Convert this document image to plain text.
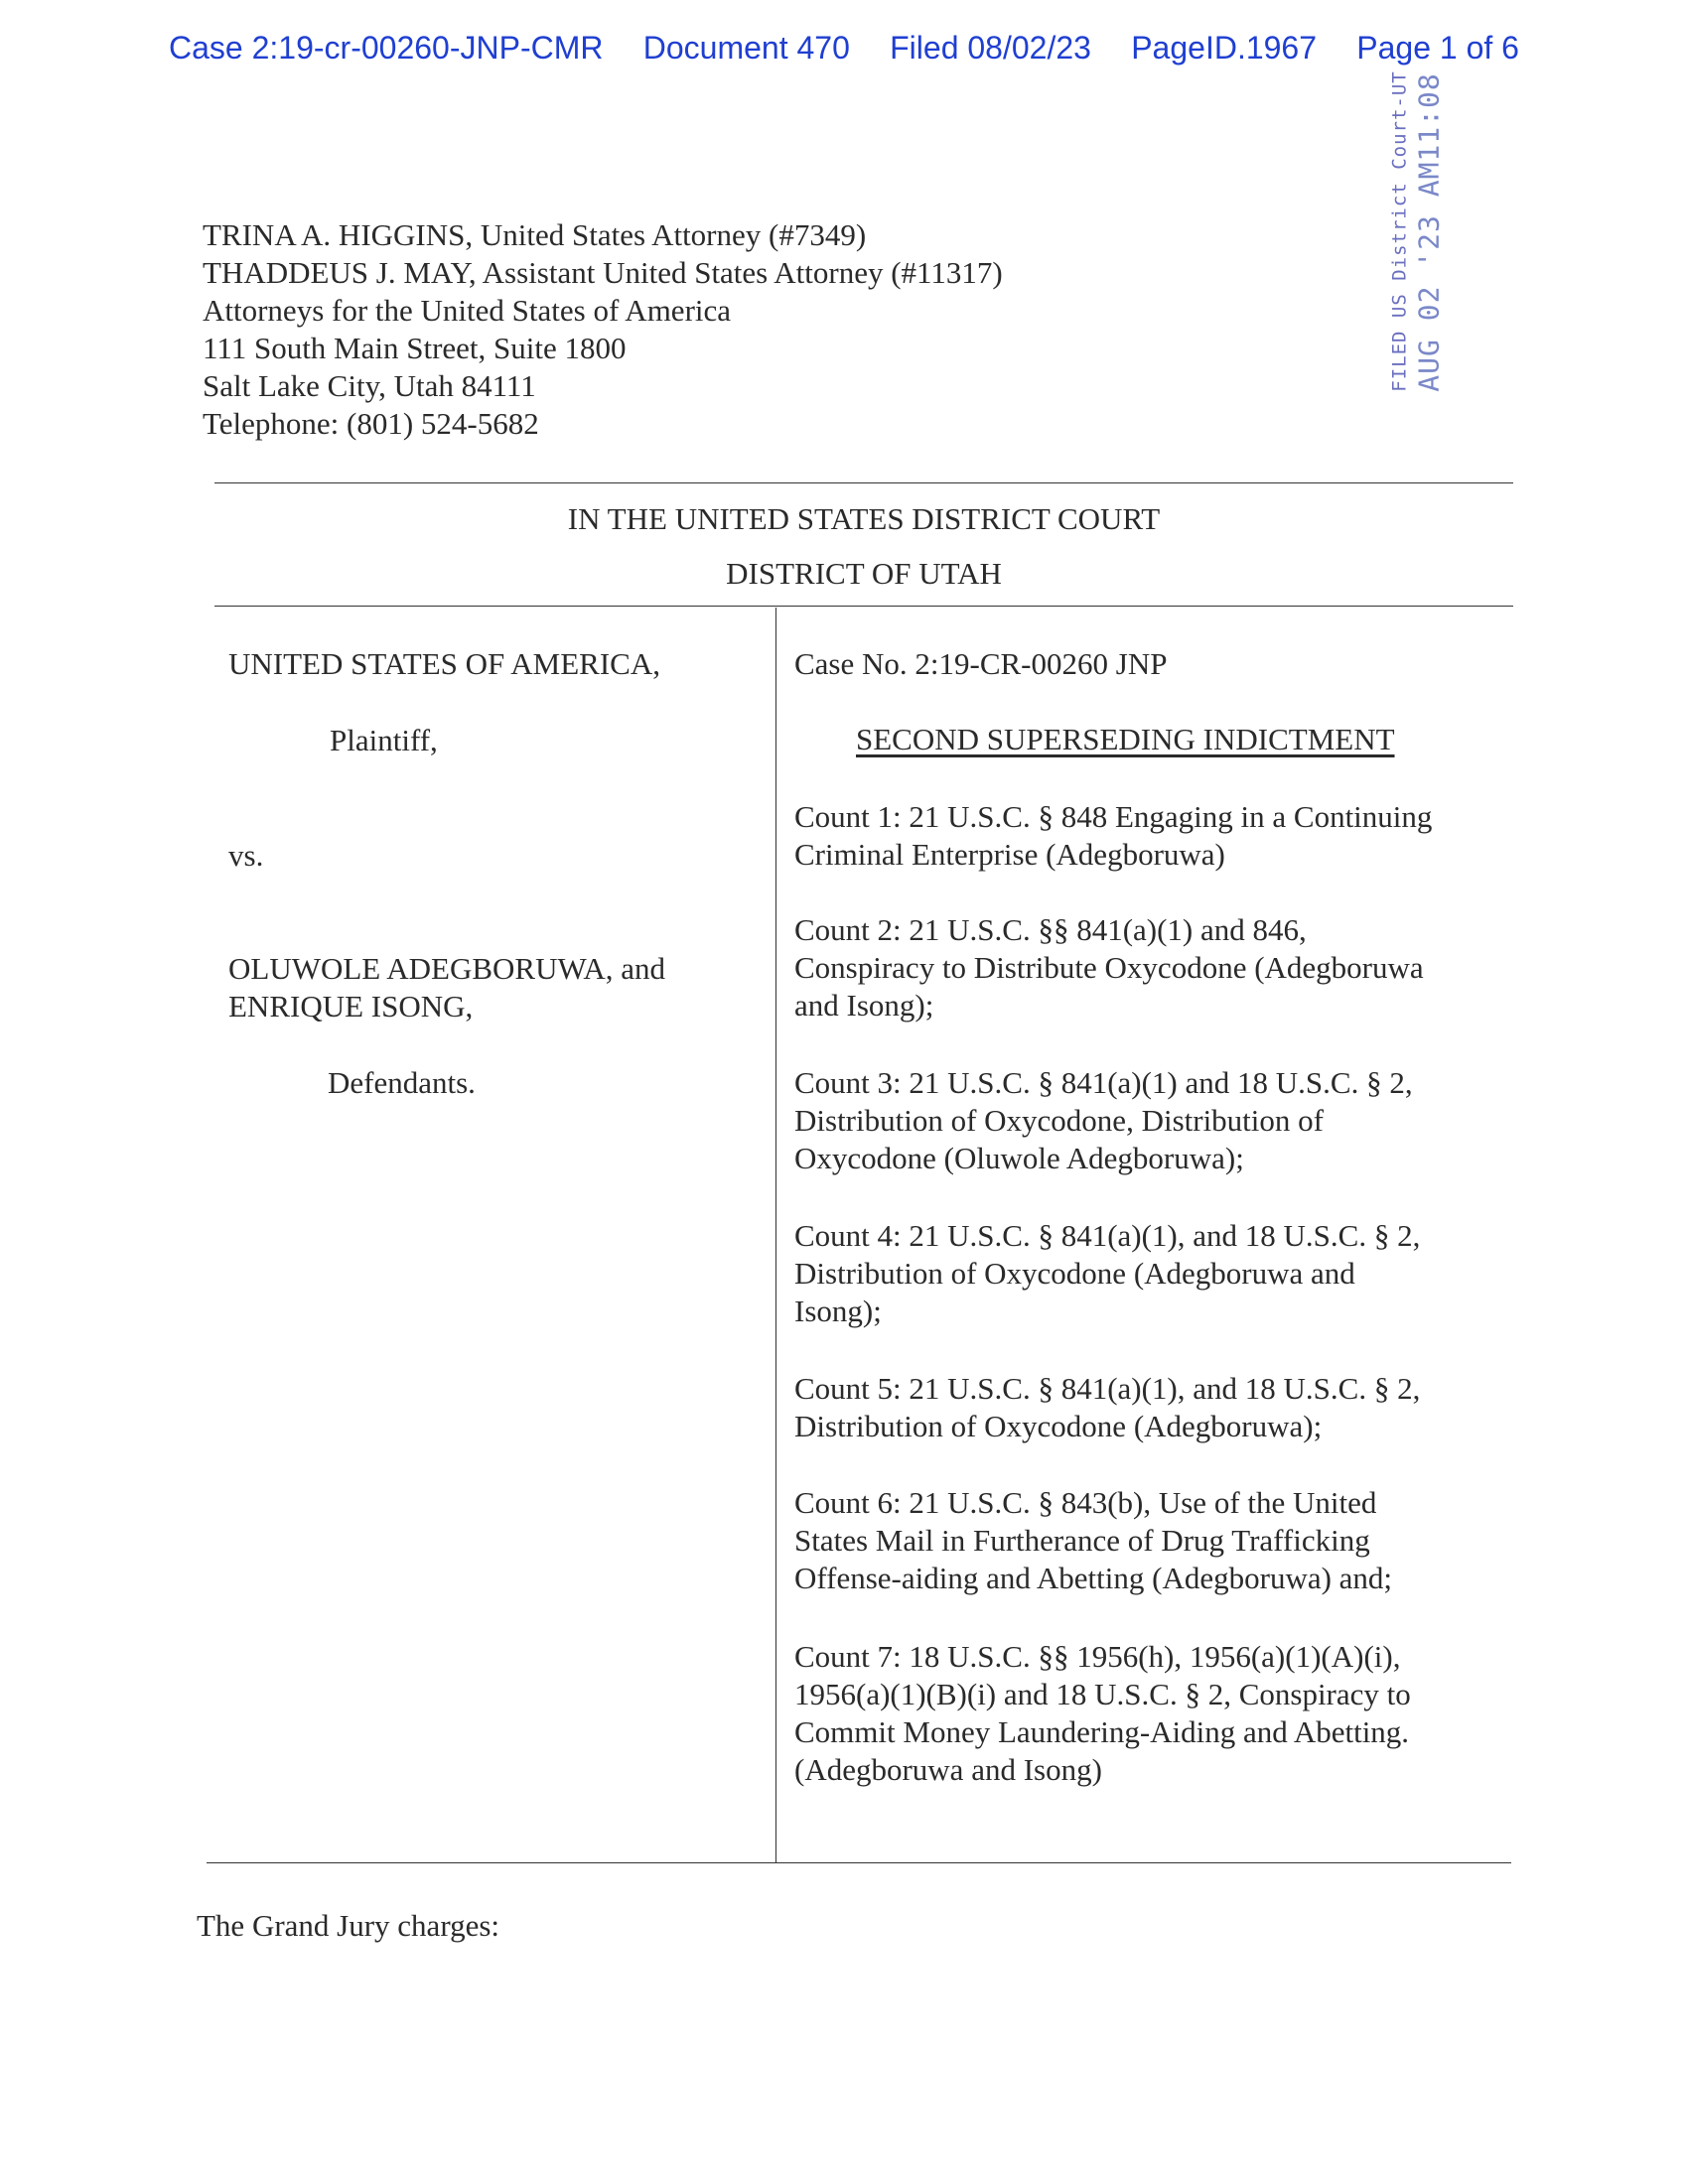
Case 2:19-cr-00260-JNP-CMR Document 470 Filed 08/02/23 PageID.1967 Page 1 of 6
FILED US District Court-UT AUG 02 '23 AM11:08
TRINA A. HIGGINS, United States Attorney (#7349)
THADDEUS J. MAY, Assistant United States Attorney (#11317)
Attorneys for the United States of America
111 South Main Street, Suite 1800
Salt Lake City, Utah 84111
Telephone: (801) 524-5682
IN THE UNITED STATES DISTRICT COURT
DISTRICT OF UTAH
UNITED STATES OF AMERICA,
Plaintiff,
vs.
OLUWOLE ADEGBORUWA, and
ENRIQUE ISONG,
Defendants.
Case No. 2:19-CR-00260 JNP
SECOND SUPERSEDING INDICTMENT
Count 1: 21 U.S.C. § 848 Engaging in a Continuing
Criminal Enterprise (Adegboruwa)
Count 2: 21 U.S.C. §§ 841(a)(1) and 846,
Conspiracy to Distribute Oxycodone (Adegboruwa
and Isong);
Count 3: 21 U.S.C. § 841(a)(1) and 18 U.S.C. § 2,
Distribution of Oxycodone, Distribution of
Oxycodone (Oluwole Adegboruwa);
Count 4: 21 U.S.C. § 841(a)(1), and 18 U.S.C. § 2,
Distribution of Oxycodone (Adegboruwa and
Isong);
Count 5: 21 U.S.C. § 841(a)(1), and 18 U.S.C. § 2,
Distribution of Oxycodone (Adegboruwa);
Count 6: 21 U.S.C. § 843(b), Use of the United
States Mail in Furtherance of Drug Trafficking
Offense-aiding and Abetting (Adegboruwa) and;
Count 7: 18 U.S.C. §§ 1956(h), 1956(a)(1)(A)(i),
1956(a)(1)(B)(i) and 18 U.S.C. § 2, Conspiracy to
Commit Money Laundering-Aiding and Abetting.
(Adegboruwa and Isong)
The Grand Jury charges:
